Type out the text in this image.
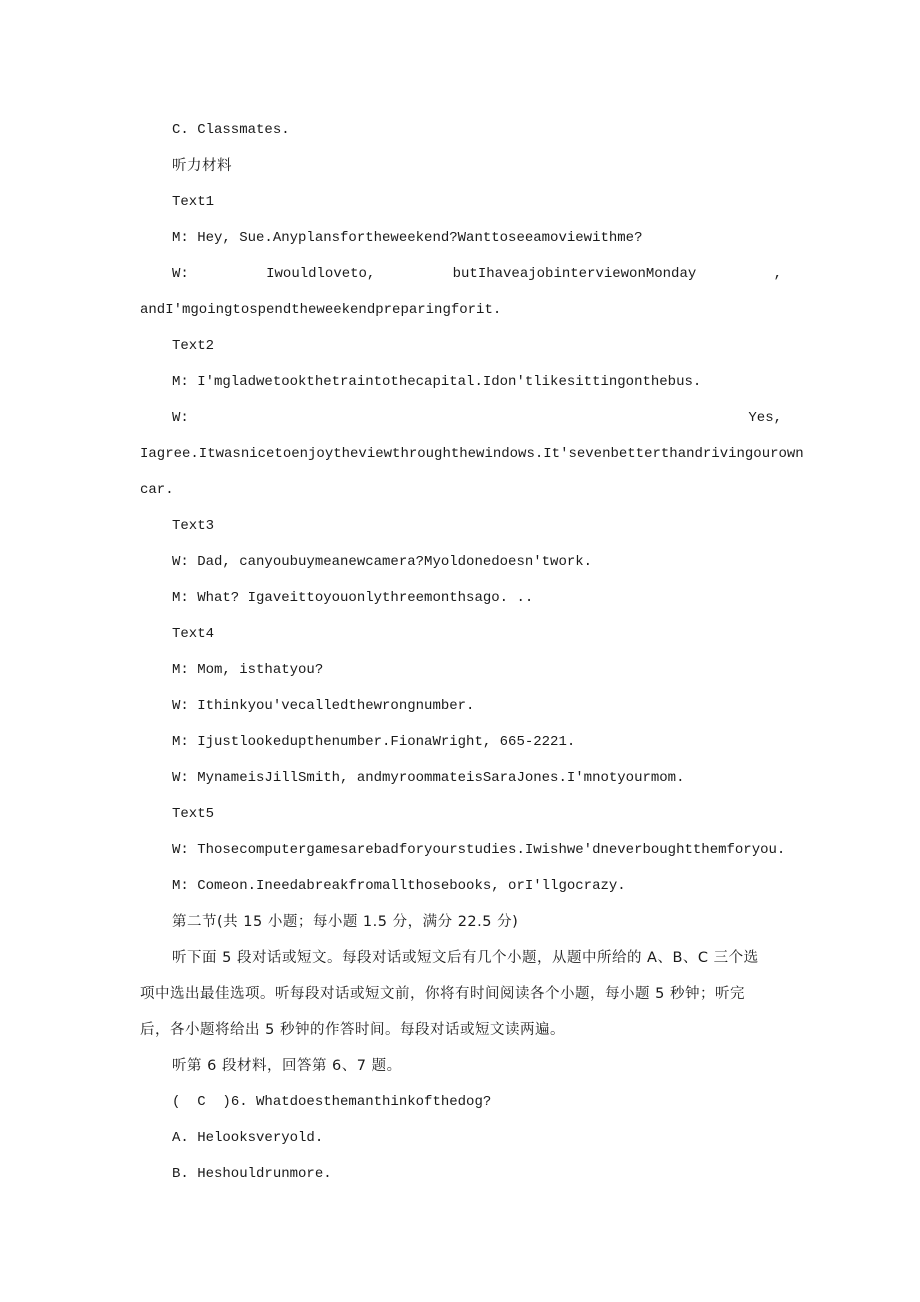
C. Classmates.
听力材料
Text1
M: Hey, Sue.Anyplansfortheweekend?Wanttoseeamoviewithme?
W:	Iwouldloveto,	butIhaveajobinterviewonMonday	,
andI'mgoingtospendtheweekendpreparingforit.
Text2
M: I'mgladwetookthetraintothecapital.Idon'tlikesittingonthebus.
W:	Yes,
Iagree.Itwasnicetoenjoytheviewthroughthewindows.It'sevenbetterthandrivingourown
car.
Text3
W: Dad, canyoubuymeanewcamera?Myoldonedoesn'twork.
M: What? Igaveittoyouonlythreemonthsago. ..
Text4
M: Mom, isthatyou?
W: Ithinkyou'vecalledthewrongnumber.
M: Ijustlookedupthenumber.FionaWright, 665-2221.
W: MynameisJillSmith, andmyroommateisSaraJones.I'mnotyourmom.
Text5
W: Thosecomputergamesarebadforyourstudies.Iwishwe'dneverboughtthemforyou.
M: Comeon.Ineedabreakfromallthosebooks, orI'llgocrazy.
第二节(共 15 小题；每小题 1.5 分，满分 22.5 分)
听下面 5 段对话或短文。每段对话或短文后有几个小题，从题中所给的 A、B、C 三个选
项中选出最佳选项。听每段对话或短文前，你将有时间阅读各个小题，每小题 5 秒钟；听完
后，各小题将给出 5 秒钟的作答时间。每段对话或短文读两遍。
听第 6 段材料，回答第 6、7 题。
(  C  )6. Whatdoesthemanthinkofthedog?
A. Helooksveryold.
B. Heshouldrunmore.
